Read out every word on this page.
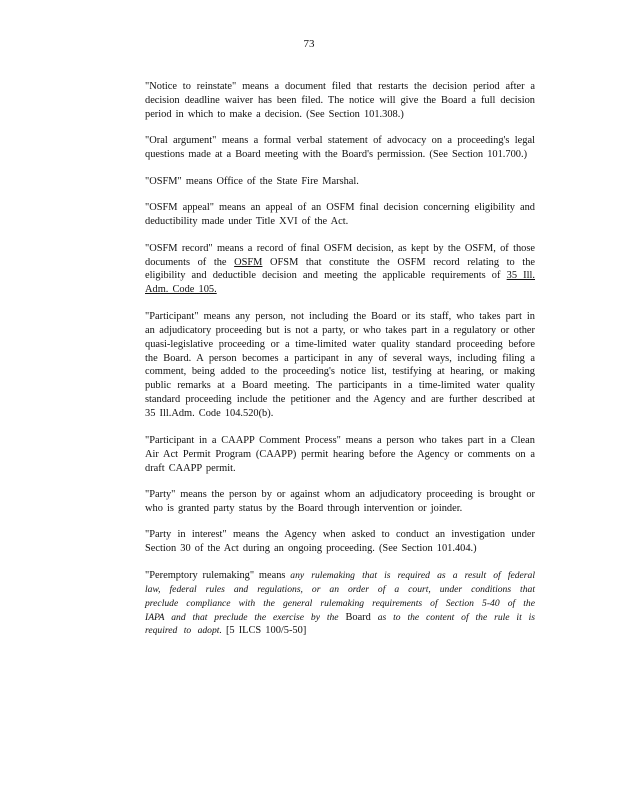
73

"Notice to reinstate" means a document filed that restarts the decision period after a decision deadline waiver has been filed. The notice will give the Board a full decision period in which to make a decision. (See Section 101.308.)

"Oral argument" means a formal verbal statement of advocacy on a proceeding's legal questions made at a Board meeting with the Board's permission. (See Section 101.700.)

"OSFM" means Office of the State Fire Marshal.

"OSFM appeal" means an appeal of an OSFM final decision concerning eligibility and deductibility made under Title XVI of the Act.

"OSFM record" means a record of final OSFM decision, as kept by the OSFM, of those documents of the OSFM OFSM that constitute the OSFM record relating to the eligibility and deductible decision and meeting the applicable requirements of 35 Ill. Adm. Code 105.

"Participant" means any person, not including the Board or its staff, who takes part in an adjudicatory proceeding but is not a party, or who takes part in a regulatory or other quasi-legislative proceeding or a time-limited water quality standard proceeding before the Board. A person becomes a participant in any of several ways, including filing a comment, being added to the proceeding's notice list, testifying at hearing, or making public remarks at a Board meeting. The participants in a time-limited water quality standard proceeding include the petitioner and the Agency and are further described at 35 Ill.Adm. Code 104.520(b).

"Participant in a CAAPP Comment Process" means a person who takes part in a Clean Air Act Permit Program (CAAPP) permit hearing before the Agency or comments on a draft CAAPP permit.

"Party" means the person by or against whom an adjudicatory proceeding is brought or who is granted party status by the Board through intervention or joinder.

"Party in interest" means the Agency when asked to conduct an investigation under Section 30 of the Act during an ongoing proceeding. (See Section 101.404.)

"Peremptory rulemaking" means any rulemaking that is required as a result of federal law, federal rules and regulations, or an order of a court, under conditions that preclude compliance with the general rulemaking requirements of Section 5-40 of the IAPA and that preclude the exercise by the Board as to the content of the rule it is required to adopt. [5 ILCS 100/5-50]
